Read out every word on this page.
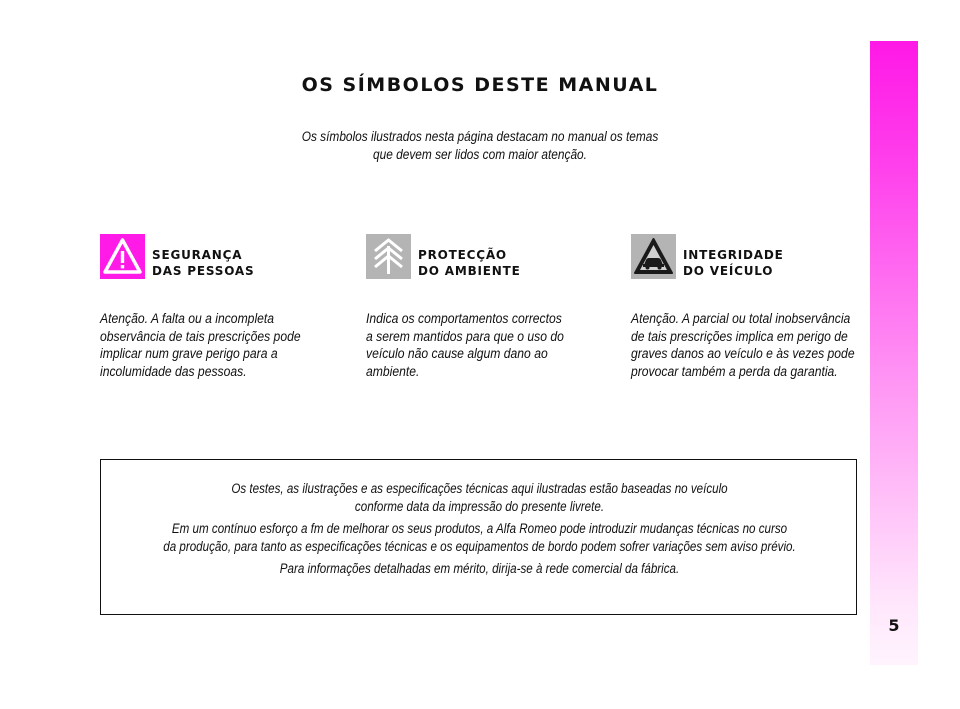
OS SÍMBOLOS DESTE MANUAL

Os símbolos ilustrados nesta página destacam no manual os temas
que devem ser lidos com maior atenção.

SEGURANÇA
DAS PESSOAS

Atenção. A falta ou a incompleta
observância de tais prescrições pode
implicar num grave perigo para a
incolumidade das pessoas.

PROTECÇÃO
DO AMBIENTE

Indica os comportamentos correctos
a serem mantidos para que o uso do
veículo não cause algum dano ao
ambiente.

INTEGRIDADE
DO VEÍCULO

Atenção. A parcial ou total inobservância
de tais prescrições implica em perigo de
graves danos ao veículo e às vezes pode
provocar também a perda da garantia.

Os testes, as ilustrações e as especificações técnicas aqui ilustradas estão baseadas no veículo
conforme data da impressão do presente livrete.

Em um contínuo esforço a fm de melhorar os seus produtos, a Alfa Romeo pode introduzir mudanças técnicas no curso
da produção, para tanto as especificações técnicas e os equipamentos de bordo podem sofrer variações sem aviso prévio.

Para informações detalhadas em mérito, dirija-se à rede comercial da fábrica.

5
